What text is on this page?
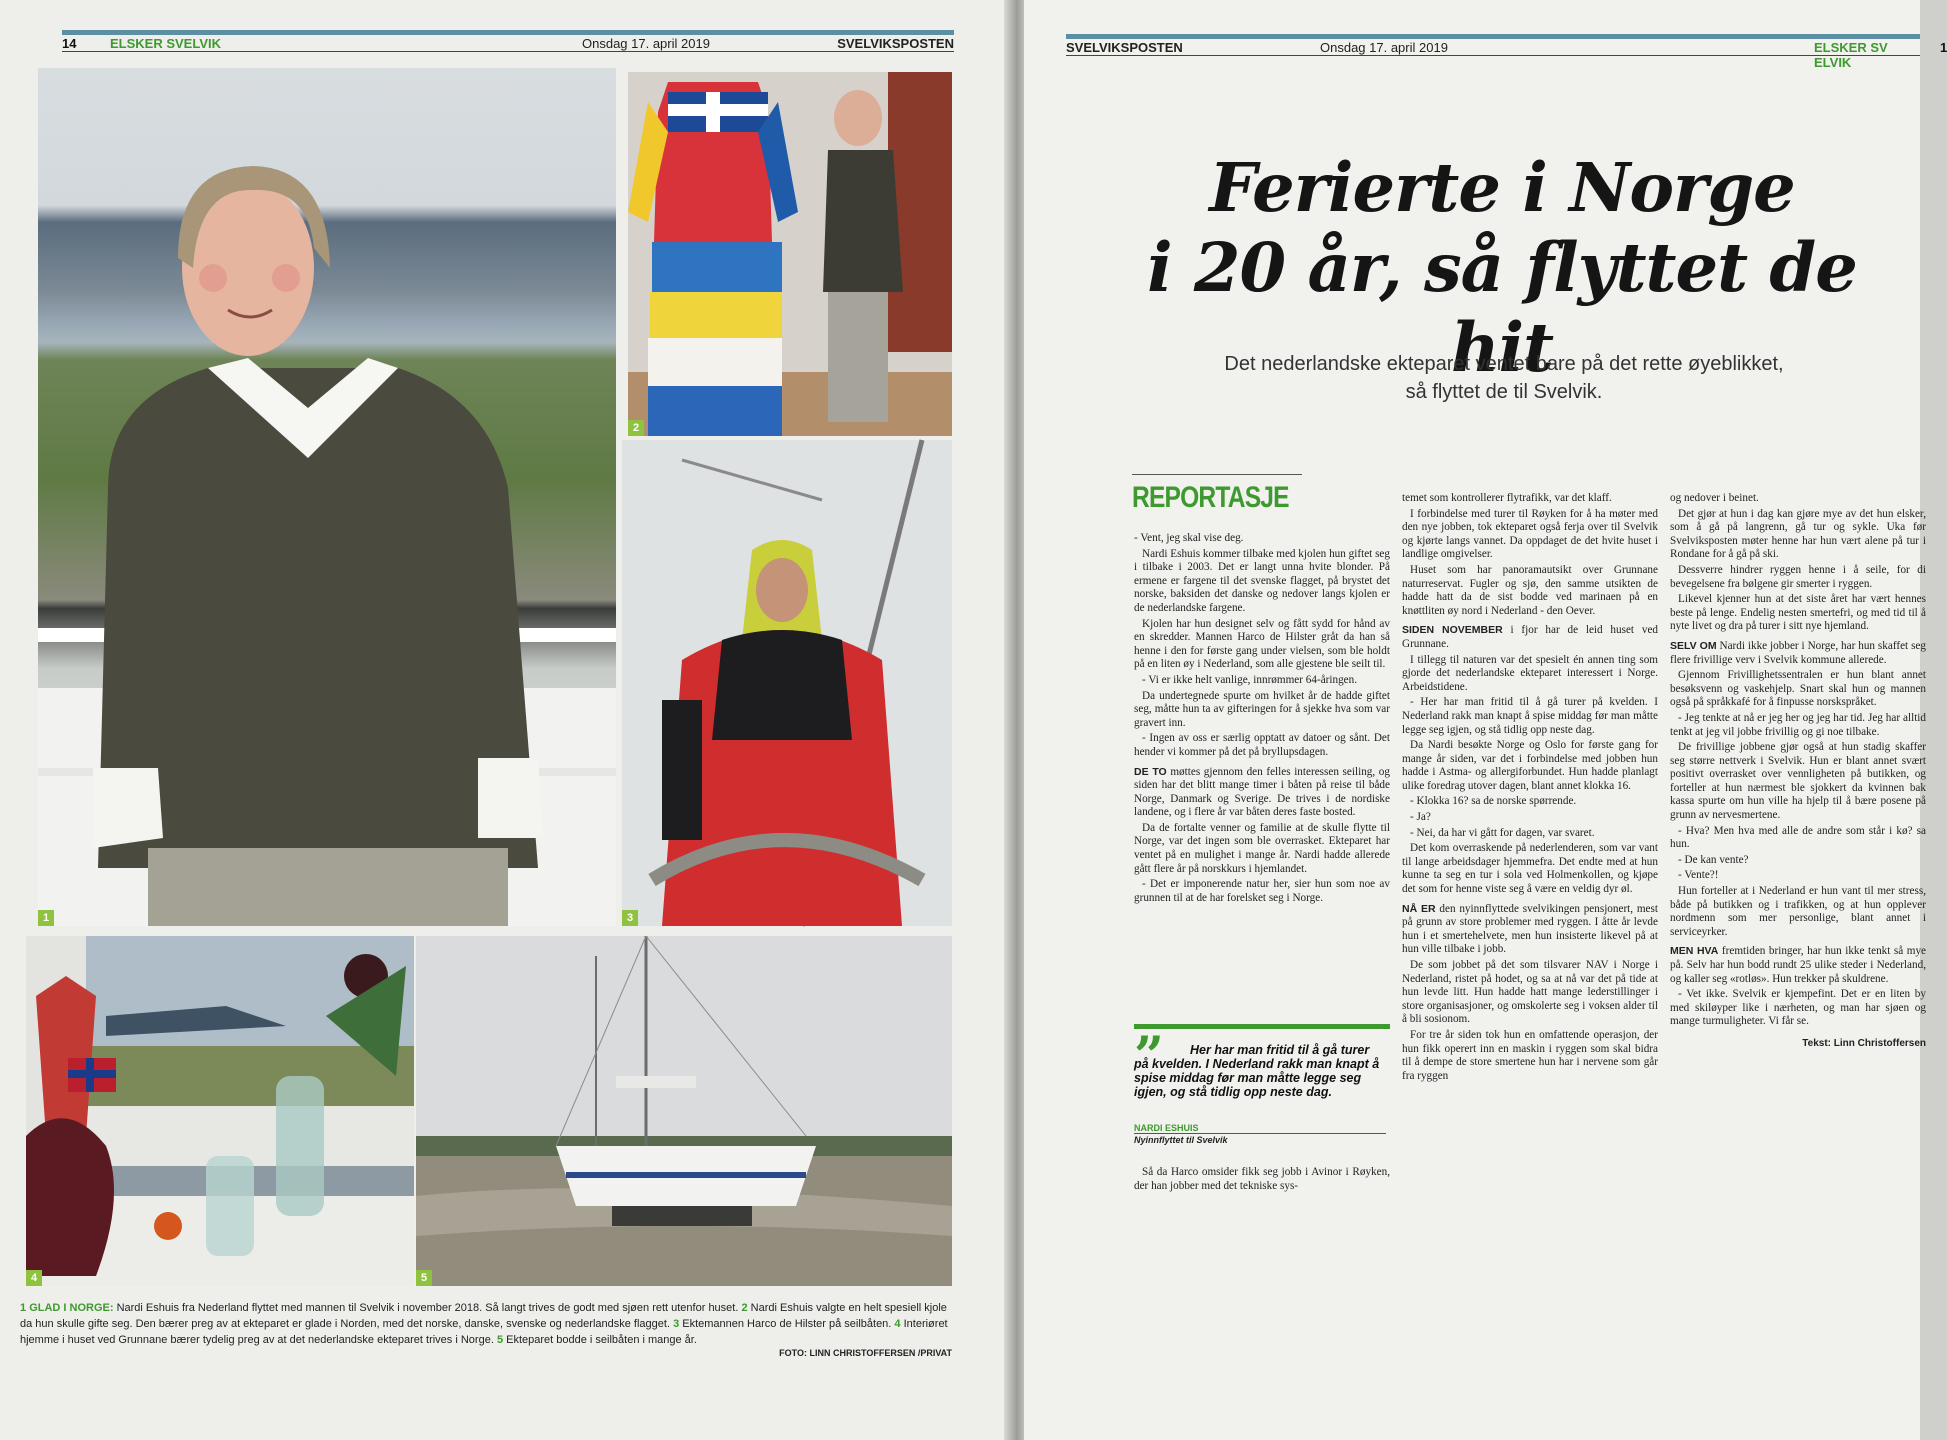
14	ELSKER SVELVIK	Onsdag 17. april 2019	SVELVIKSPOSTEN
1
2
3
4	5
1 GLAD I NORGE: Nardi Eshuis fra Nederland flyttet med mannen til Svelvik i november 2018. Så langt trives de godt med sjøen rett utenfor huset. 2 Nardi Eshuis valgte en helt spesiell kjole da hun skulle gifte seg. Den bærer preg av at ekteparet er glade i Norden, med det norske, danske, svenske og nederlandske flagget. 3 Ektemannen Harco de Hilster på seilbåten. 4 Interiøret hjemme i huset ved Grunnane bærer tydelig preg av at det nederlandske ekteparet trives i Norge. 5 Ekteparet bodde i seilbåten i mange år.
FOTO: LINN CHRISTOFFERSEN /PRIVAT
SVELVIKSPOSTEN	Onsdag 17. april 2019	ELSKER SV ELVIK
1
Ferierte i Norge
i 20 år, så flyttet de hit
Det nederlandske ekteparet ventet bare på det rette øyeblikket,
så flyttet de til Svelvik.
REPORTASJE

- Vent, jeg skal vise deg.

Nardi Eshuis kommer tilbake med kjolen hun giftet seg i tilbake i 2003. Det er langt unna hvite blonder. På ermene er fargene til det svenske flagget, på brystet det norske, baksiden det danske og nedover langs kjolen er de nederlandske fargene.

Kjolen har hun designet selv og fått sydd for hånd av en skredder. Mannen Harco de Hilster gråt da han så henne i den for første gang under vielsen, som ble holdt på en liten øy i Nederland, som alle gjestene ble seilt til.

- Vi er ikke helt vanlige, innrømmer 64-åringen.

Da undertegnede spurte om hvilket år de hadde giftet seg, måtte hun ta av gifteringen for å sjekke hva som var gravert inn.

- Ingen av oss er særlig opptatt av datoer og sånt. Det hender vi kommer på det på bryllupsdagen.

DE TO møttes gjennom den felles interessen seiling, og siden har det blitt mange timer i båten på reise til både Norge, Danmark og Sverige. De trives i de nordiske landene, og i flere år var båten deres faste bosted.

Da de fortalte venner og familie at de skulle flytte til Norge, var det ingen som ble overrasket. Ekteparet har ventet på en mulighet i mange år. Nardi hadde allerede gått flere år på norskkurs i hjemlandet.

- Det er imponerende natur her, sier hun som noe av grunnen til at de har forelsket seg i Norge.

”	Her har man fritid til å gå turer på kvelden. I Nederland rakk man knapt å spise middag før man måtte legge seg igjen, og stå tidlig opp neste dag.
NARDI ESHUIS
Nyinnflyttet til Svelvik

Så da Harco omsider fikk seg jobb i Avinor i Røyken, der han jobber med det tekniske sys-

temet som kontrollerer flytrafikk, var det klaff.

I forbindelse med turer til Røyken for å ha møter med den nye jobben, tok ekteparet også ferja over til Svelvik og kjørte langs vannet. Da oppdaget de det hvite huset i landlige omgivelser.

Huset som har panoramautsikt over Grunnane naturreservat. Fugler og sjø, den samme utsikten de hadde hatt da de sist bodde ved marinaen på en knøttliten øy nord i Nederland - den Oever.

SIDEN NOVEMBER i fjor har de leid huset ved Grunnane.

I tillegg til naturen var det spesielt én annen ting som gjorde det nederlandske ekteparet interessert i Norge. Arbeidstidene.

- Her har man fritid til å gå turer på kvelden. I Nederland rakk man knapt å spise middag før man måtte legge seg igjen, og stå tidlig opp neste dag.

Da Nardi besøkte Norge og Oslo for første gang for mange år siden, var det i forbindelse med jobben hun hadde i Astma- og allergiforbundet. Hun hadde planlagt ulike foredrag utover dagen, blant annet klokka 16.

- Klokka 16? sa de norske spørrende.

- Ja?

- Nei, da har vi gått for dagen, var svaret.

Det kom overraskende på nederlenderen, som var vant til lange arbeidsdager hjemmefra. Det endte med at hun kunne ta seg en tur i sola ved Holmenkollen, og kjøpe det som for henne viste seg å være en veldig dyr øl.

NÅ ER den nyinnflyttede svelvikingen pensjonert, mest på grunn av store problemer med ryggen. I åtte år levde hun i et smertehelvete, men hun insisterte likevel på at hun ville tilbake i jobb.

De som jobbet på det som tilsvarer NAV i Norge i Nederland, ristet på hodet, og sa at nå var det på tide at hun levde litt. Hun hadde hatt mange lederstillinger i store organisasjoner, og omskolerte seg i voksen alder til å bli sosionom.

For tre år siden tok hun en omfattende operasjon, der hun fikk operert inn en maskin i ryggen som skal bidra til å dempe de store smertene hun har i nervene som går fra ryggen

og nedover i beinet.

Det gjør at hun i dag kan gjøre mye av det hun elsker, som å gå på langrenn, gå tur og sykle. Uka før Svelviksposten møter henne har hun vært alene på tur i Rondane for å gå på ski.

Dessverre hindrer ryggen henne i å seile, for di bevegelsene fra bølgene gir smerter i ryggen.

Likevel kjenner hun at det siste året har vært hennes beste på lenge. Endelig nesten smertefri, og med tid til å nyte livet og dra på turer i sitt nye hjemland.

SELV OM Nardi ikke jobber i Norge, har hun skaffet seg flere frivillige verv i Svelvik kommune allerede.

Gjennom Frivillighetssentralen er hun blant annet besøksvenn og vaskehjelp. Snart skal hun og mannen også på språkkafé for å finpusse norskspråket.

- Jeg tenkte at nå er jeg her og jeg har tid. Jeg har alltid tenkt at jeg vil jobbe frivillig og gi noe tilbake.

De frivillige jobbene gjør også at hun stadig skaffer seg større nettverk i Svelvik. Hun er blant annet svært positivt overrasket over vennligheten på butikken, og forteller at hun nærmest ble sjokkert da kvinnen bak kassa spurte om hun ville ha hjelp til å bære posene på grunn av nervesmertene.

- Hva? Men hva med alle de andre som står i kø? sa hun.

- De kan vente?

- Vente?!

Hun forteller at i Nederland er hun vant til mer stress, både på butikken og i trafikken, og at hun opplever nordmenn som mer personlige, blant annet i serviceyrker.

MEN HVA fremtiden bringer, har hun ikke tenkt så mye på. Selv har hun bodd rundt 25 ulike steder i Nederland, og kaller seg «rotløs». Hun trekker på skuldrene.

- Vet ikke. Svelvik er kjempefint. Det er en liten by med skiløyper like i nærheten, og man har sjøen og mange turmuligheter. Vi får se.

Tekst: Linn Christoffersen
